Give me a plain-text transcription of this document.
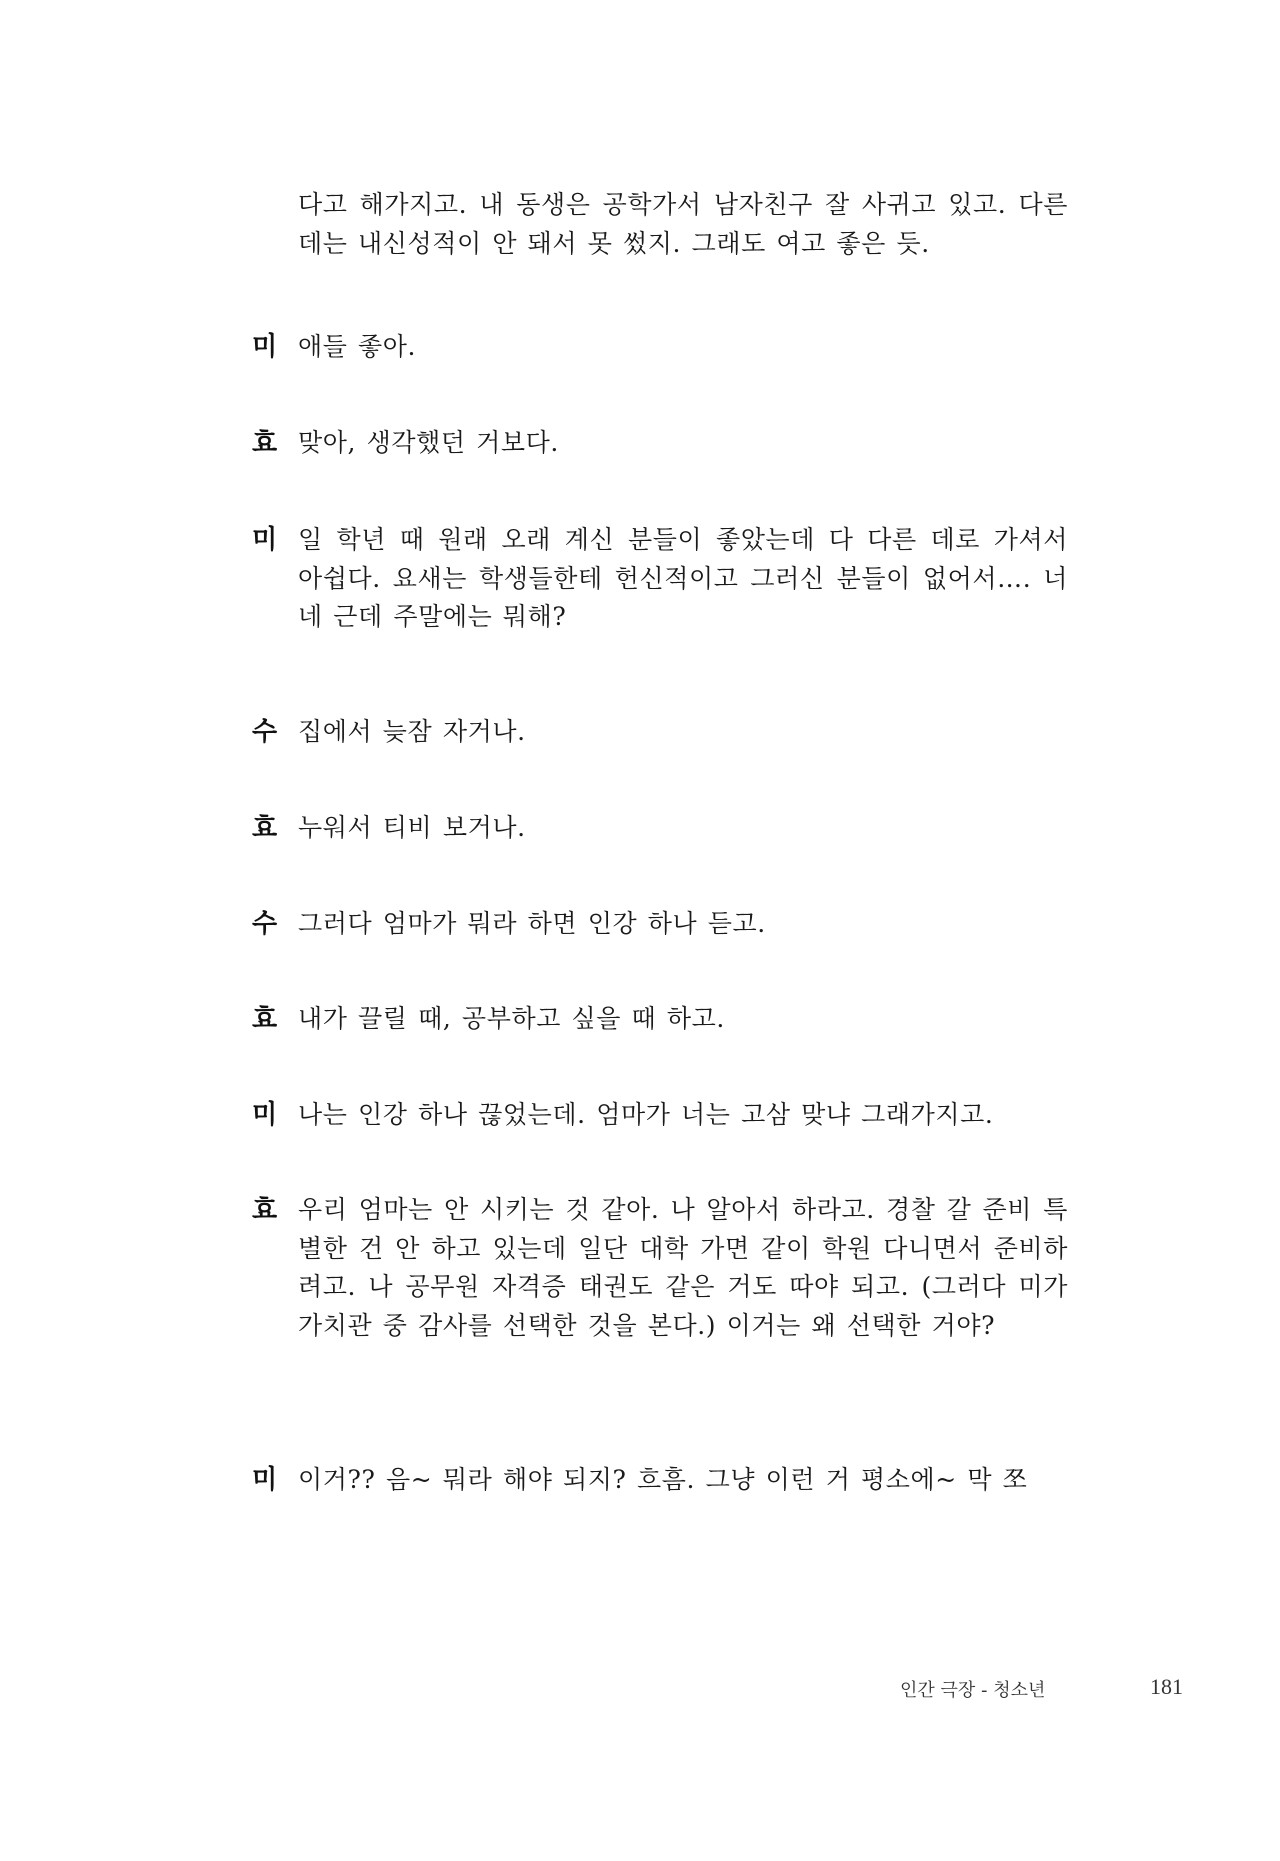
다고 해가지고. 내 동생은 공학가서 남자친구 잘 사귀고 있고. 다른 데는 내신성적이 안 돼서 못 썼지. 그래도 여고 좋은 듯.
미 애들 좋아.
효 맞아, 생각했던 거보다.
미 일 학년 때 원래 오래 계신 분들이 좋았는데 다 다른 데로 가셔서 아쉽다. 요새는 학생들한테 헌신적이고 그러신 분들이 없어서…. 너네 근데 주말에는 뭐해?
수 집에서 늦잠 자거나.
효 누워서 티비 보거나.
수 그러다 엄마가 뭐라 하면 인강 하나 듣고.
효 내가 끌릴 때, 공부하고 싶을 때 하고.
미 나는 인강 하나 끊었는데. 엄마가 너는 고삼 맞냐 그래가지고.
효 우리 엄마는 안 시키는 것 같아. 나 알아서 하라고. 경찰 갈 준비 특별한 건 안 하고 있는데 일단 대학 가면 같이 학원 다니면서 준비하려고. 나 공무원 자격증 태권도 같은 거도 따야 되고. (그러다 미가 가치관 중 감사를 선택한 것을 본다.) 이거는 왜 선택한 거야?
미 이거?? 음~ 뭐라 해야 되지? 흐흠. 그냥 이런 거 평소에~ 막 쪼
인간 극장 - 청소년	181
